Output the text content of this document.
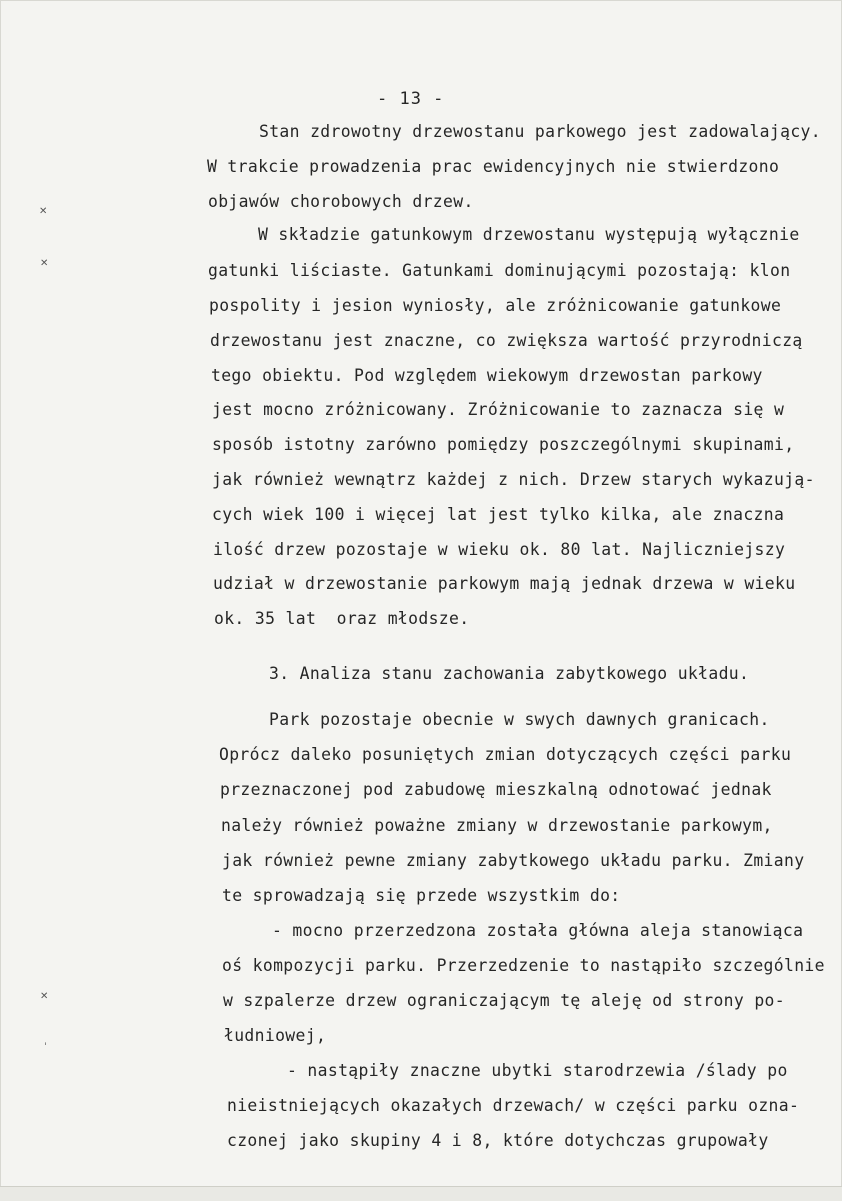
- 13 -
Stan zdrowotny drzewostanu parkowego jest zadowalający.
W trakcie prowadzenia prac ewidencyjnych nie stwierdzono
objawów chorobowych drzew.
W składzie gatunkowym drzewostanu występują wyłącznie
gatunki liściaste. Gatunkami dominującymi pozostają: klon
pospolity i jesion wyniosły, ale zróżnicowanie gatunkowe
drzewostanu jest znaczne, co zwiększa wartość przyrodniczą
tego obiektu. Pod względem wiekowym drzewostan parkowy
jest mocno zróżnicowany. Zróżnicowanie to zaznacza się w
sposób istotny zarówno pomiędzy poszczególnymi skupinami,
jak również wewnątrz każdej z nich. Drzew starych wykazują-
cych wiek 100 i więcej lat jest tylko kilka, ale znaczna
ilość drzew pozostaje w wieku ok. 80 lat. Najliczniejszy
udział w drzewostanie parkowym mają jednak drzewa w wieku
ok. 35 lat  oraz młodsze.
3. Analiza stanu zachowania zabytkowego układu.
Park pozostaje obecnie w swych dawnych granicach.
Oprócz daleko posuniętych zmian dotyczących części parku
przeznaczonej pod zabudowę mieszkalną odnotować jednak
należy również poważne zmiany w drzewostanie parkowym,
jak również pewne zmiany zabytkowego układu parku. Zmiany
te sprowadzają się przede wszystkim do:
- mocno przerzedzona została główna aleja stanowiąca
oś kompozycji parku. Przerzedzenie to nastąpiło szczególnie
w szpalerze drzew ograniczającym tę aleję od strony po-
łudniowej,
- nastąpiły znaczne ubytki starodrzewia /ślady po
nieistniejących okazałych drzewach/ w części parku ozna-
czonej jako skupiny 4 i 8, które dotychczas grupowały
✕
✕
✕
ˈ
